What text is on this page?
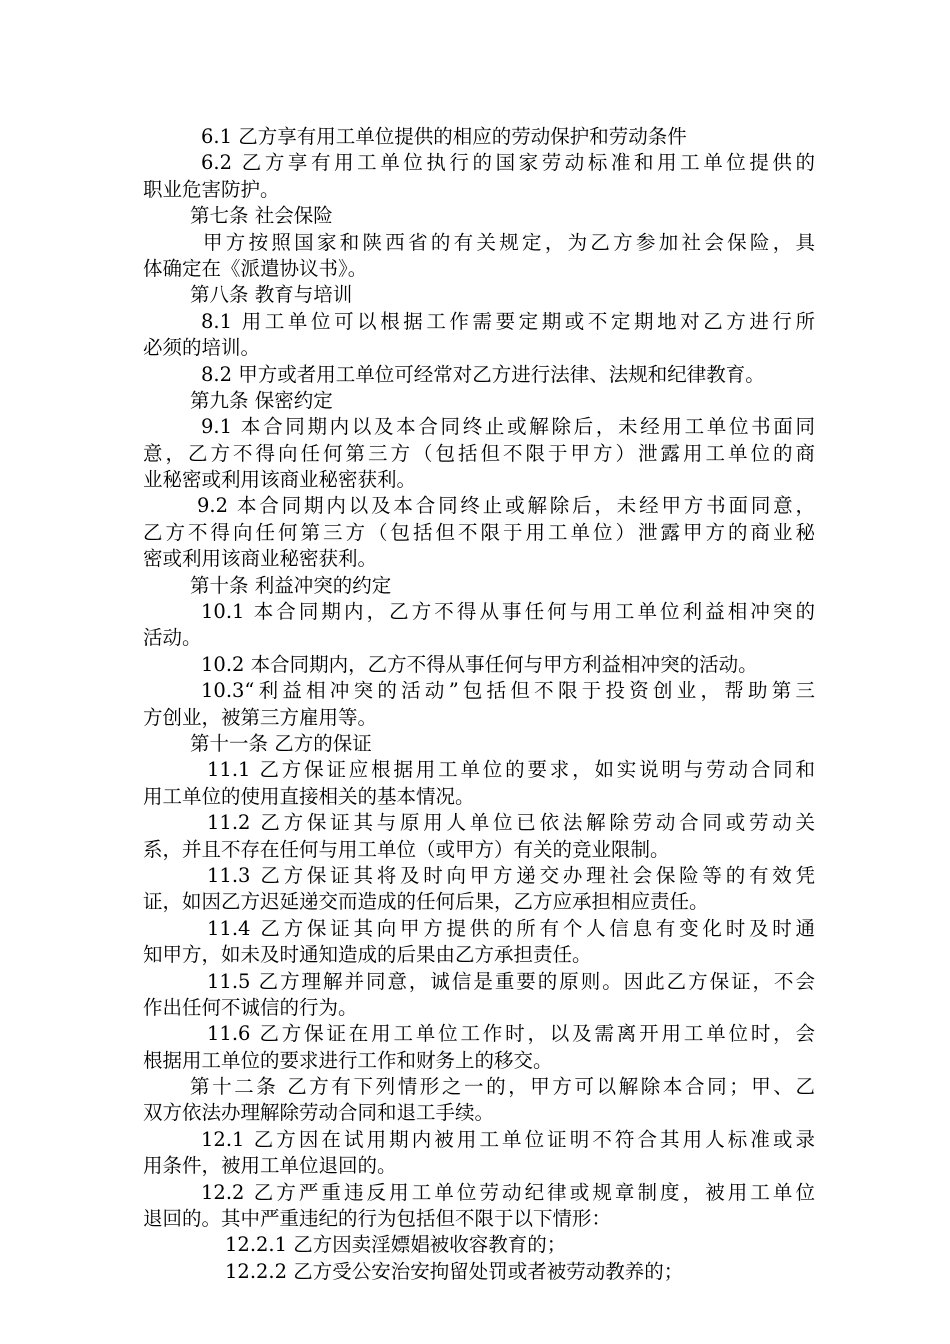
6.1 乙方享有用工单位提供的相应的劳动保护和劳动条件
6.2 乙方享有用工单位执行的国家劳动标准和用工单位提供的
职业危害防护。
第七条 社会保险
甲方按照国家和陕西省的有关规定，为乙方参加社会保险，具
体确定在《派遣协议书》。
第八条 教育与培训
8.1 用工单位可以根据工作需要定期或不定期地对乙方进行所
必须的培训。
8.2 甲方或者用工单位可经常对乙方进行法律、法规和纪律教育。
第九条 保密约定
9.1 本合同期内以及本合同终止或解除后，未经用工单位书面同
意，乙方不得向任何第三方（包括但不限于甲方）泄露用工单位的商
业秘密或利用该商业秘密获利。
9.2 本合同期内以及本合同终止或解除后，未经甲方书面同意，
乙方不得向任何第三方（包括但不限于用工单位）泄露甲方的商业秘
密或利用该商业秘密获利。
第十条 利益冲突的约定
10.1 本合同期内，乙方不得从事任何与用工单位利益相冲突的
活动。
10.2 本合同期内，乙方不得从事任何与甲方利益相冲突的活动。
10.3“利益相冲突的活动”包括但不限于投资创业，帮助第三
方创业，被第三方雇用等。
第十一条 乙方的保证
11.1 乙方保证应根据用工单位的要求，如实说明与劳动合同和
用工单位的使用直接相关的基本情况。
11.2 乙方保证其与原用人单位已依法解除劳动合同或劳动关
系，并且不存在任何与用工单位（或甲方）有关的竞业限制。
11.3 乙方保证其将及时向甲方递交办理社会保险等的有效凭
证，如因乙方迟延递交而造成的任何后果，乙方应承担相应责任。
11.4 乙方保证其向甲方提供的所有个人信息有变化时及时通
知甲方，如未及时通知造成的后果由乙方承担责任。
11.5 乙方理解并同意，诚信是重要的原则。因此乙方保证，不会
作出任何不诚信的行为。
11.6 乙方保证在用工单位工作时，以及需离开用工单位时，会
根据用工单位的要求进行工作和财务上的移交。
第十二条 乙方有下列情形之一的，甲方可以解除本合同；甲、乙
双方依法办理解除劳动合同和退工手续。
12.1 乙方因在试用期内被用工单位证明不符合其用人标准或录
用条件，被用工单位退回的。
12.2 乙方严重违反用工单位劳动纪律或规章制度，被用工单位
退回的。其中严重违纪的行为包括但不限于以下情形：
12.2.1 乙方因卖淫嫖娼被收容教育的；
12.2.2 乙方受公安治安拘留处罚或者被劳动教养的；
